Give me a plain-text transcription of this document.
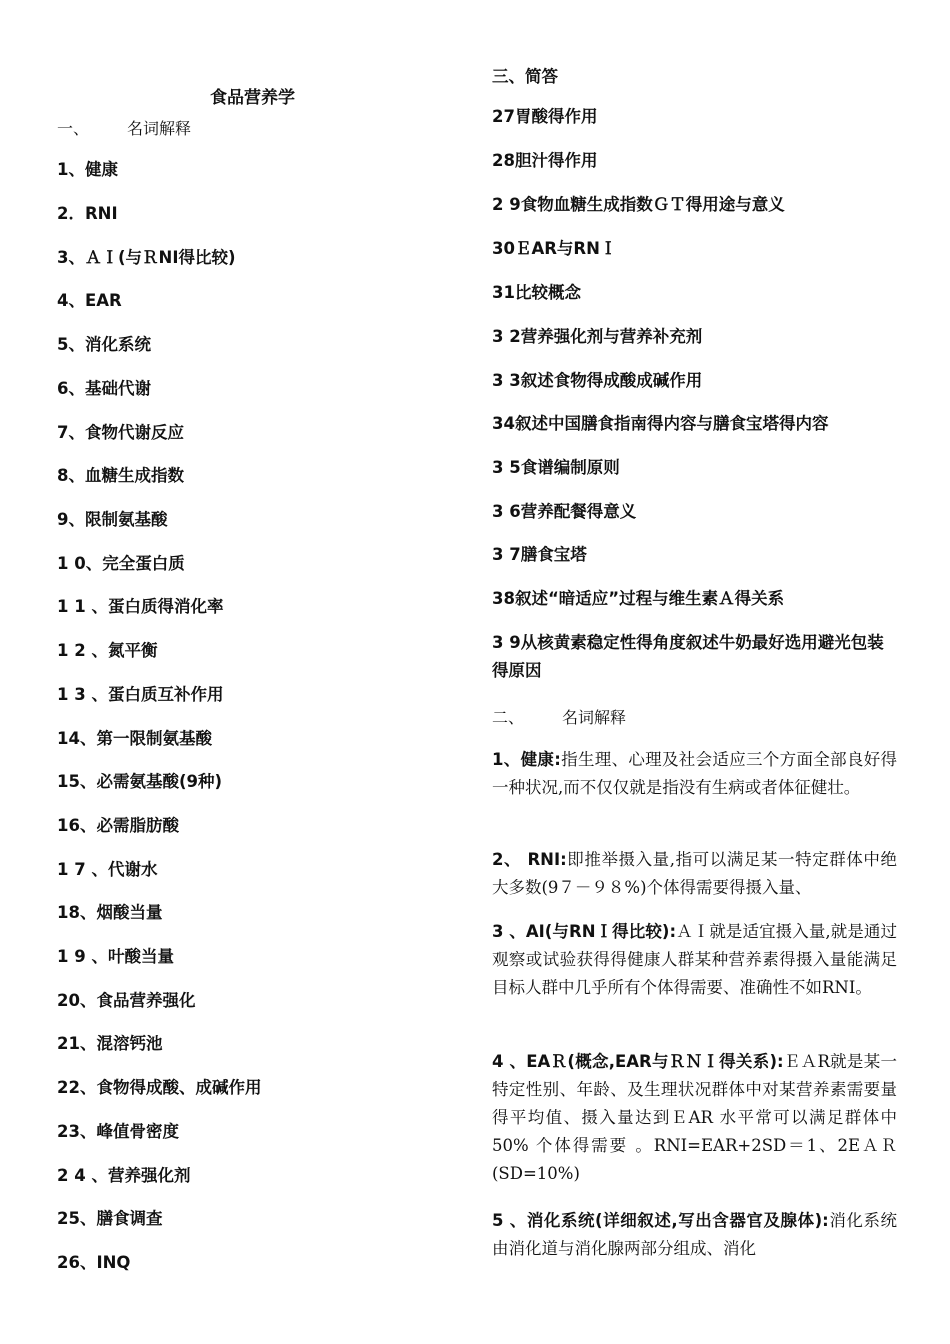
食品营养学
一、 名词解释
1、健康
2．RNI
3、ＡＩ(与ＲNI得比较)
4、EAR
5、消化系统
6、基础代谢
7、食物代谢反应
8、血糖生成指数
9、限制氨基酸
1 0、完全蛋白质
1 1 、蛋白质得消化率
1 2 、氮平衡
1 3 、蛋白质互补作用
14、第一限制氨基酸
15、必需氨基酸(9种)
16、必需脂肪酸
1 7 、代谢水
18、烟酸当量
1 9 、叶酸当量
20、食品营养强化
21、混溶钙池
22、食物得成酸、成碱作用
23、峰值骨密度
2 4 、营养强化剂
25、膳食调查
26、INQ
三、简答
27胃酸得作用
28胆汁得作用
2 9食物血糖生成指数ＧＴ得用途与意义
30ＥAR与RNＩ
31比较概念
3 2营养强化剂与营养补充剂
3 3叙述食物得成酸成碱作用
34叙述中国膳食指南得内容与膳食宝塔得内容
3 5食谱编制原则
3 6营养配餐得意义
3 7膳食宝塔
38叙述“暗适应”过程与维生素Ａ得关系
3 9从核黄素稳定性得角度叙述牛奶最好选用避光包装得原因
二、 名词解释
1、健康:指生理、心理及社会适应三个方面全部良好得一种状况,而不仅仅就是指没有生病或者体征健壮。
2、 RNI:即推举摄入量,指可以满足某一特定群体中绝大多数(9７－９８%)个体得需要得摄入量、
3 、AI(与RNＩ得比较):ＡＩ就是适宜摄入量,就是通过观察或试验获得得健康人群某种营养素得摄入量能满足目标人群中几乎所有个体得需要、准确性不如RNI。
4 、EAＲ(概念,EAR与ＲＮＩ得关系):ＥＡR就是某一特定性别、年龄、及生理状况群体中对某营养素需要量得平均值、摄入量达到ＥAR 水平常可以满足群体中 50% 个体得需要 。RNI=EAR+2SD＝1、2EＡＲ(SD=10%)
5 、消化系统(详细叙述,写出含器官及腺体):消化系统由消化道与消化腺两部分组成、消化
